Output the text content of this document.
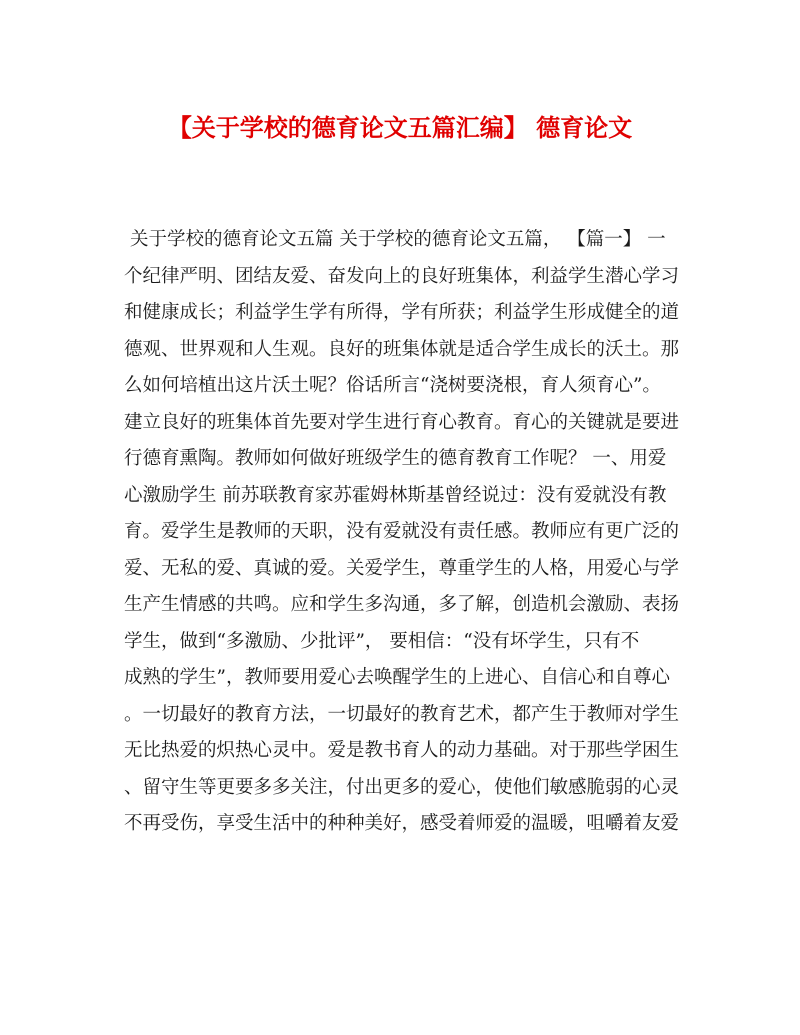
【关于学校的德育论文五篇汇编】 德育论文
关于学校的德育论文五篇 关于学校的德育论文五篇， 【篇一】 一
个纪律严明、团结友爱、奋发向上的良好班集体，利益学生潜心学习
和健康成长；利益学生学有所得，学有所获；利益学生形成健全的道
德观、世界观和人生观。良好的班集体就是适合学生成长的沃土。那
么如何培植出这片沃土呢？俗话所言“浇树要浇根，育人须育心”。
建立良好的班集体首先要对学生进行育心教育。育心的关键就是要进
行德育熏陶。教师如何做好班级学生的德育教育工作呢？ 一、用爱
心激励学生 前苏联教育家苏霍姆林斯基曾经说过：没有爱就没有教
育。爱学生是教师的天职，没有爱就没有责任感。教师应有更广泛的
爱、无私的爱、真诚的爱。关爱学生，尊重学生的人格，用爱心与学
生产生情感的共鸣。应和学生多沟通，多了解，创造机会激励、表扬
学生，做到“多激励、少批评”， 要相信：“没有坏学生，只有不
成熟的学生”，教师要用爱心去唤醒学生的上进心、自信心和自尊心
。一切最好的教育方法，一切最好的教育艺术，都产生于教师对学生
无比热爱的炽热心灵中。爱是教书育人的动力基础。对于那些学困生
、留守生等更要多多关注，付出更多的爱心，使他们敏感脆弱的心灵
不再受伤，享受生活中的种种美好，感受着师爱的温暖，咀嚼着友爱
